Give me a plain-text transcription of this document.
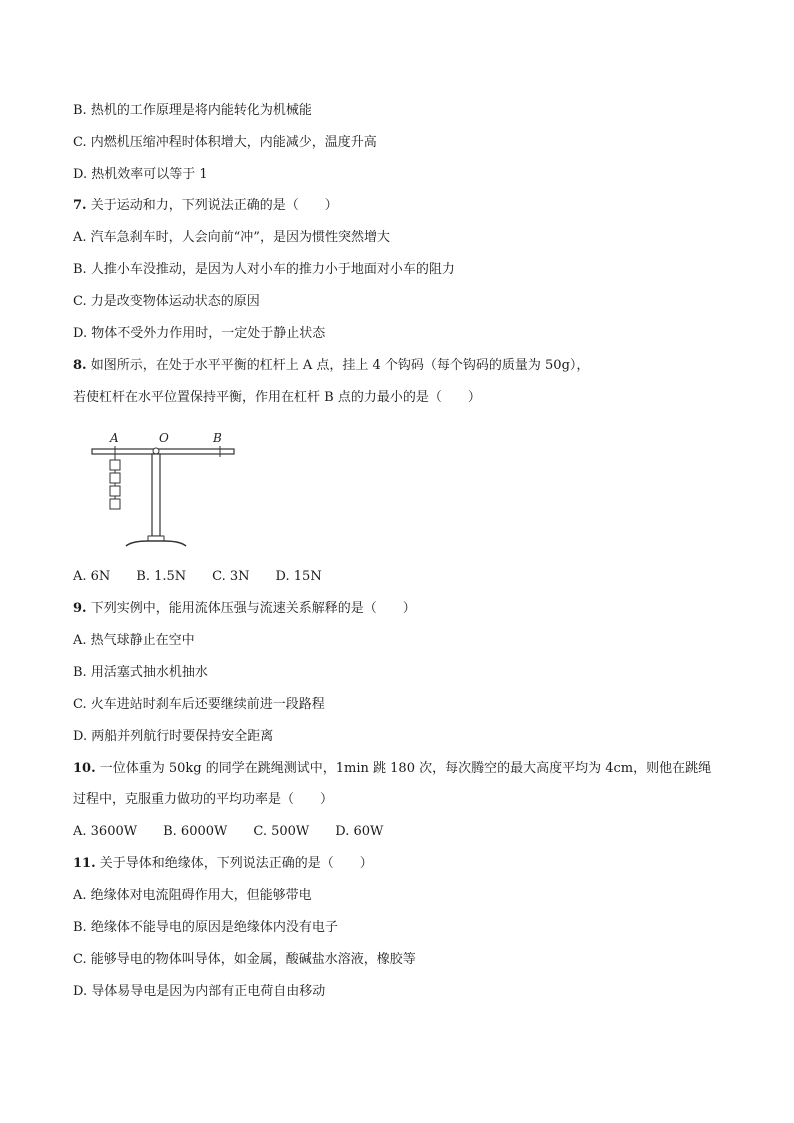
B. 热机的工作原理是将内能转化为机械能
C. 内燃机压缩冲程时体积增大，内能减少，温度升高
D. 热机效率可以等于 1
7. 关于运动和力，下列说法正确的是（　　）
A. 汽车急刹车时，人会向前“冲”，是因为惯性突然增大
B. 人推小车没推动，是因为人对小车的推力小于地面对小车的阻力
C. 力是改变物体运动状态的原因
D. 物体不受外力作用时，一定处于静止状态
8. 如图所示，在处于水平平衡的杠杆上 A 点，挂上 4 个钩码（每个钩码的质量为 50g），
若使杠杆在水平位置保持平衡，作用在杠杆 B 点的力最小的是（　　）
A	O	B
A. 6N　　B. 1.5N　　C. 3N　　D. 15N
9. 下列实例中，能用流体压强与流速关系解释的是（　　）
A. 热气球静止在空中
B. 用活塞式抽水机抽水
C. 火车进站时刹车后还要继续前进一段路程
D. 两船并列航行时要保持安全距离
10. 一位体重为 50kg 的同学在跳绳测试中，1min 跳 180 次，每次腾空的最大高度平均为 4cm，则他在跳绳
过程中，克服重力做功的平均功率是（　　）
A. 3600W　　B. 6000W　　C. 500W　　D. 60W
11. 关于导体和绝缘体，下列说法正确的是（　　）
A. 绝缘体对电流阻碍作用大，但能够带电
B. 绝缘体不能导电的原因是绝缘体内没有电子
C. 能够导电的物体叫导体，如金属，酸碱盐水溶液，橡胶等
D. 导体易导电是因为内部有正电荷自由移动
